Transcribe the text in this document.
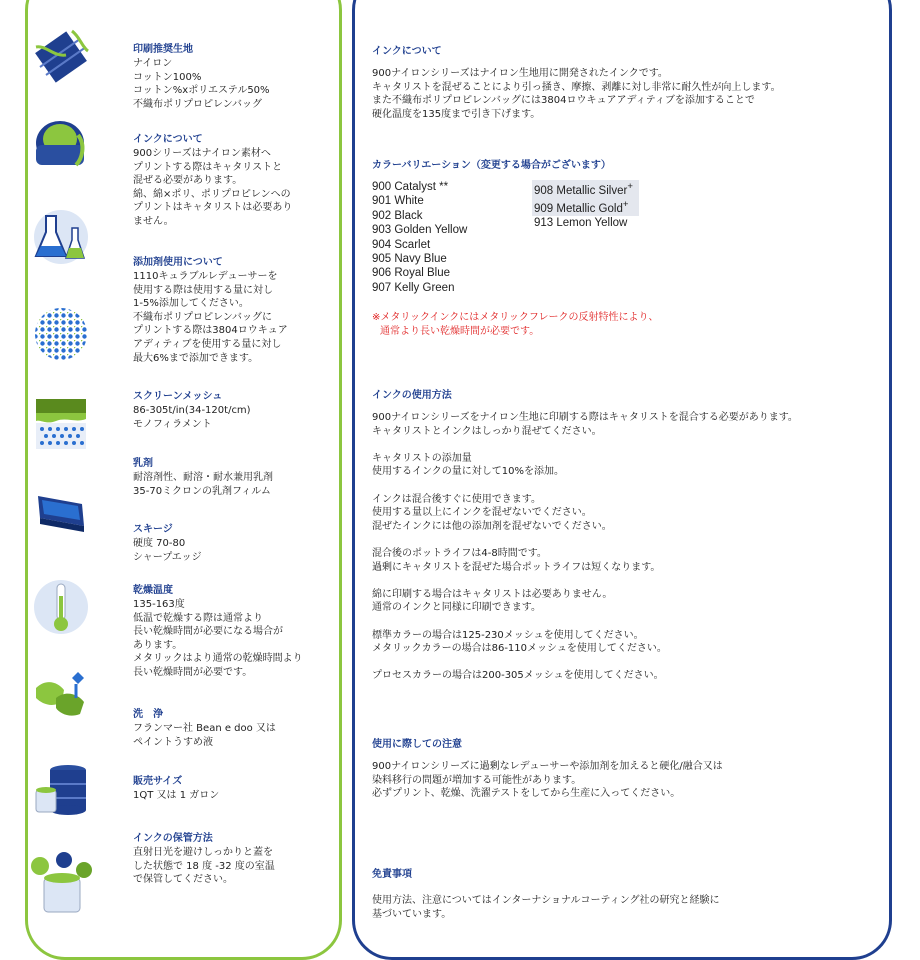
印刷推奨生地
ナイロン
コットン100%
コットン%xポリエステル50%
不織布ポリプロピレンバッグ
インクについて
900シリーズはナイロン素材へ
プリントする際はキャタリストと
混ぜる必要があります。
綿、綿×ポリ、ポリプロピレンへの
プリントはキャタリストは必要あり
ません。
添加剤使用について
1110キュラブルレデューサーを
使用する際は使用する量に対し
1-5%添加してください。
不織布ポリプロピレンバッグに
プリントする際は3804ロウキュア
アディティブを使用する量に対し
最大6%まで添加できます。
スクリーンメッシュ
86-305t/in(34-120t/cm)
モノフィラメント
乳剤
耐溶剤性、耐溶・耐水兼用乳剤
35-70ミクロンの乳剤フィルム
スキージ
硬度 70-80
シャープエッジ
乾燥温度
135-163度
低温で乾燥する際は通常より
長い乾燥時間が必要になる場合が
あります。
メタリックはより通常の乾燥時間より
長い乾燥時間が必要です。
洗　浄
フランマー社 Bean e doo 又は
ペイントうすめ液
販売サイズ
1QT 又は 1 ガロン
インクの保管方法
直射日光を避けしっかりと蓋を
した状態で 18 度 -32 度の室温
で保管してください。
インクについて
900ナイロンシリーズはナイロン生地用に開発されたインクです。
キャタリストを混ぜることにより引っ掻き、摩擦、剥離に対し非常に耐久性が向上します。
また不織布ポリプロピレンバッグには3804ロウキュアアディティブを添加することで
硬化温度を135度まで引き下げます。
カラーバリエーション（変更する場合がございます）
900 Catalyst **
901 White
902 Black
903 Golden Yellow
904 Scarlet
905 Navy Blue
906 Royal Blue
907 Kelly Green
908 Metallic Silver+
909 Metallic Gold+
913 Lemon Yellow
※メタリックインクにはメタリックフレークの反射特性により、
通常より長い乾燥時間が必要です。
インクの使用方法
900ナイロンシリーズをナイロン生地に印刷する際はキャタリストを混合する必要があります。
キャタリストとインクはしっかり混ぜてください。
キャタリストの添加量
使用するインクの量に対して10%を添加。
インクは混合後すぐに使用できます。
使用する量以上にインクを混ぜないでください。
混ぜたインクには他の添加剤を混ぜないでください。
混合後のポットライフは4-8時間です。
過剰にキャタリストを混ぜた場合ポットライフは短くなります。
綿に印刷する場合はキャタリストは必要ありません。
通常のインクと同様に印刷できます。
標準カラーの場合は125-230メッシュを使用してください。
メタリックカラーの場合は86-110メッシュを使用してください。
プロセスカラーの場合は200-305メッシュを使用してください。
使用に際しての注意
900ナイロンシリーズに過剰なレデューサーや添加剤を加えると硬化/融合又は
染料移行の問題が増加する可能性があります。
必ずプリント、乾燥、洗濯テストをしてから生産に入ってください。
免責事項
使用方法、注意についてはインターナショナルコーティング社の研究と経験に
基づいています。
